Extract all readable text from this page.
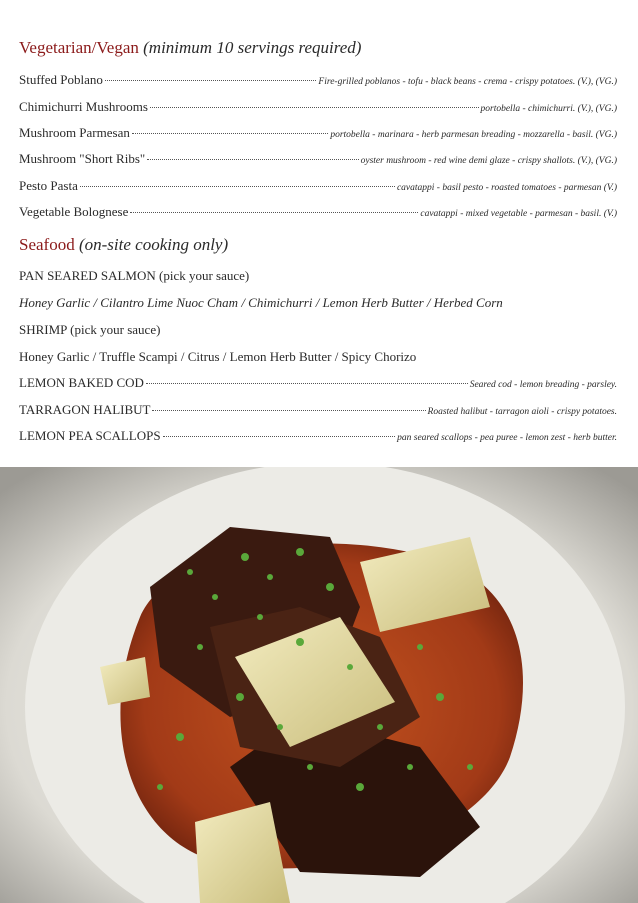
Vegetarian/Vegan (minimum 10 servings required)
Stuffed Poblano	Fire-grilled poblanos - tofu - black beans - crema - crispy potatoes. (V.), (VG.)
Chimichurri Mushrooms	portobella - chimichurri. (V.), (VG.)
Mushroom Parmesan	portobella - marinara - herb parmesan breading - mozzarella - basil. (VG.)
Mushroom "Short Ribs"	oyster mushroom - red wine demi glaze - crispy shallots. (V.), (VG.)
Pesto Pasta	cavatappi - basil pesto - roasted tomatoes - parmesan (V.)
Vegetable Bolognese	cavatappi - mixed vegetable - parmesan - basil. (V.)
Seafood (on-site cooking only)
PAN SEARED SALMON (pick your sauce)
Honey Garlic / Cilantro Lime Nuoc Cham / Chimichurri / Lemon Herb Butter / Herbed Corn
SHRIMP (pick your sauce)
Honey Garlic / Truffle Scampi / Citrus / Lemon Herb Butter / Spicy Chorizo
LEMON BAKED COD	Seared cod - lemon breading - parsley.
TARRAGON HALIBUT	Roasted halibut - tarragon aioli - crispy potatoes.
LEMON PEA SCALLOPS	pan seared scallops - pea puree - lemon zest - herb butter.
